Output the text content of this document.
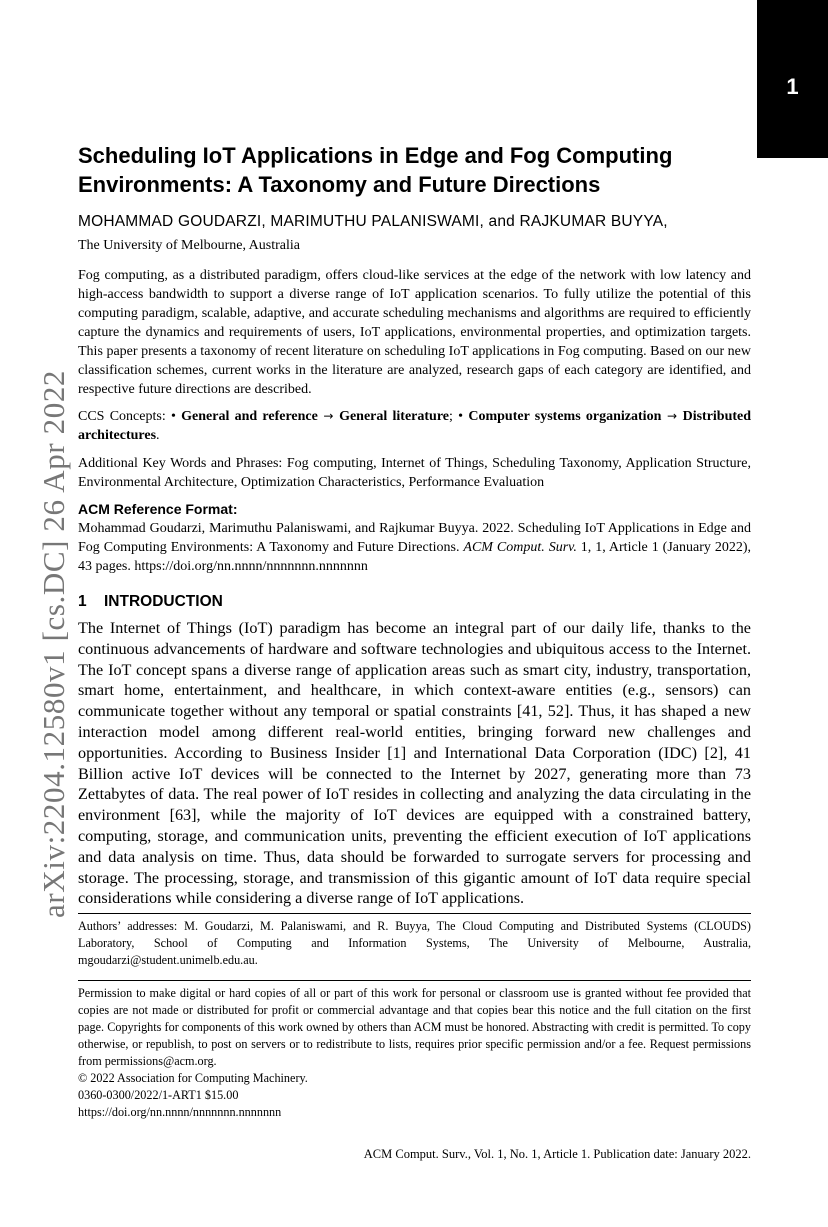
1
arXiv:2204.12580v1 [cs.DC] 26 Apr 2022
Scheduling IoT Applications in Edge and Fog Computing Environments: A Taxonomy and Future Directions
MOHAMMAD GOUDARZI, MARIMUTHU PALANISWAMI, and RAJKUMAR BUYYA,
The University of Melbourne, Australia
Fog computing, as a distributed paradigm, offers cloud-like services at the edge of the network with low latency and high-access bandwidth to support a diverse range of IoT application scenarios. To fully utilize the potential of this computing paradigm, scalable, adaptive, and accurate scheduling mechanisms and algorithms are required to efficiently capture the dynamics and requirements of users, IoT applications, environmental properties, and optimization targets. This paper presents a taxonomy of recent literature on scheduling IoT applications in Fog computing. Based on our new classification schemes, current works in the literature are analyzed, research gaps of each category are identified, and respective future directions are described.
CCS Concepts: • General and reference → General literature; • Computer systems organization → Distributed architectures.
Additional Key Words and Phrases: Fog computing, Internet of Things, Scheduling Taxonomy, Application Structure, Environmental Architecture, Optimization Characteristics, Performance Evaluation
ACM Reference Format:
Mohammad Goudarzi, Marimuthu Palaniswami, and Rajkumar Buyya. 2022. Scheduling IoT Applications in Edge and Fog Computing Environments: A Taxonomy and Future Directions. ACM Comput. Surv. 1, 1, Article 1 (January 2022), 43 pages. https://doi.org/nn.nnnn/nnnnnnn.nnnnnnn
1 INTRODUCTION
The Internet of Things (IoT) paradigm has become an integral part of our daily life, thanks to the continuous advancements of hardware and software technologies and ubiquitous access to the Internet. The IoT concept spans a diverse range of application areas such as smart city, industry, transportation, smart home, entertainment, and healthcare, in which context-aware entities (e.g., sensors) can communicate together without any temporal or spatial constraints [41, 52]. Thus, it has shaped a new interaction model among different real-world entities, bringing forward new challenges and opportunities. According to Business Insider [1] and International Data Corporation (IDC) [2], 41 Billion active IoT devices will be connected to the Internet by 2027, generating more than 73 Zettabytes of data. The real power of IoT resides in collecting and analyzing the data circulating in the environment [63], while the majority of IoT devices are equipped with a constrained battery, computing, storage, and communication units, preventing the efficient execution of IoT applications and data analysis on time. Thus, data should be forwarded to surrogate servers for processing and storage. The processing, storage, and transmission of this gigantic amount of IoT data require special considerations while considering a diverse range of IoT applications.
Authors’ addresses: M. Goudarzi, M. Palaniswami, and R. Buyya, The Cloud Computing and Distributed Systems (CLOUDS) Laboratory, School of Computing and Information Systems, The University of Melbourne, Australia, mgoudarzi@student.unimelb.edu.au.
Permission to make digital or hard copies of all or part of this work for personal or classroom use is granted without fee provided that copies are not made or distributed for profit or commercial advantage and that copies bear this notice and the full citation on the first page. Copyrights for components of this work owned by others than ACM must be honored. Abstracting with credit is permitted. To copy otherwise, or republish, to post on servers or to redistribute to lists, requires prior specific permission and/or a fee. Request permissions from permissions@acm.org.
© 2022 Association for Computing Machinery.
0360-0300/2022/1-ART1 $15.00
https://doi.org/nn.nnnn/nnnnnnn.nnnnnnn
ACM Comput. Surv., Vol. 1, No. 1, Article 1. Publication date: January 2022.
